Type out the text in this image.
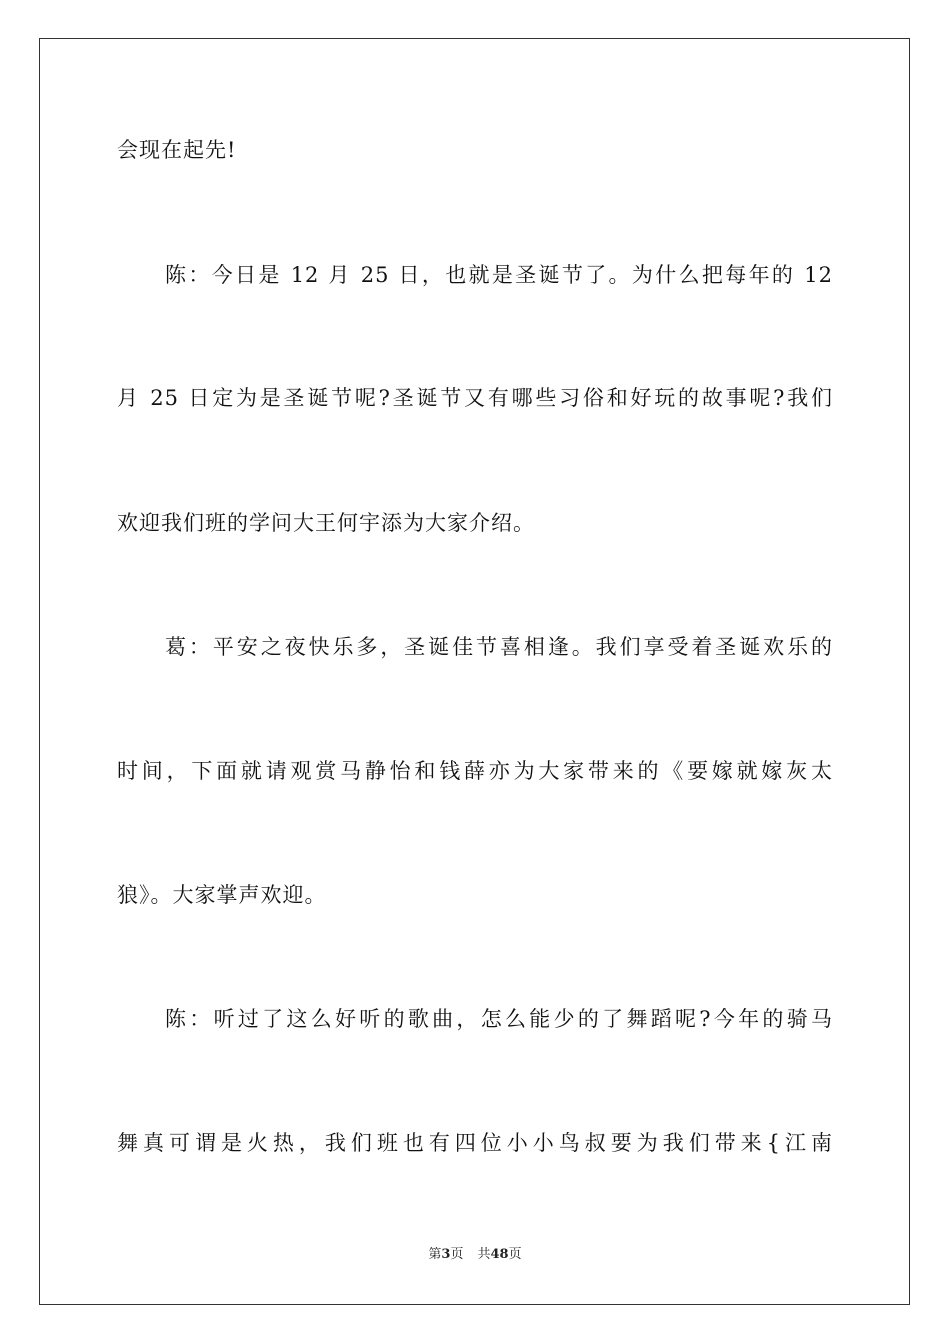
会现在起先!
陈：今日是 12 月 25 日，也就是圣诞节了。为什么把每年的 12
月 25 日定为是圣诞节呢?圣诞节又有哪些习俗和好玩的故事呢?我们
欢迎我们班的学问大王何宇添为大家介绍。
葛：平安之夜快乐多，圣诞佳节喜相逢。我们享受着圣诞欢乐的
时间，下面就请观赏马静怡和钱薛亦为大家带来的《要嫁就嫁灰太
狼》。大家掌声欢迎。
陈：听过了这么好听的歌曲，怎么能少的了舞蹈呢?今年的骑马
舞真可谓是火热，我们班也有四位小小鸟叔要为我们带来{江南
第3页 共48页
